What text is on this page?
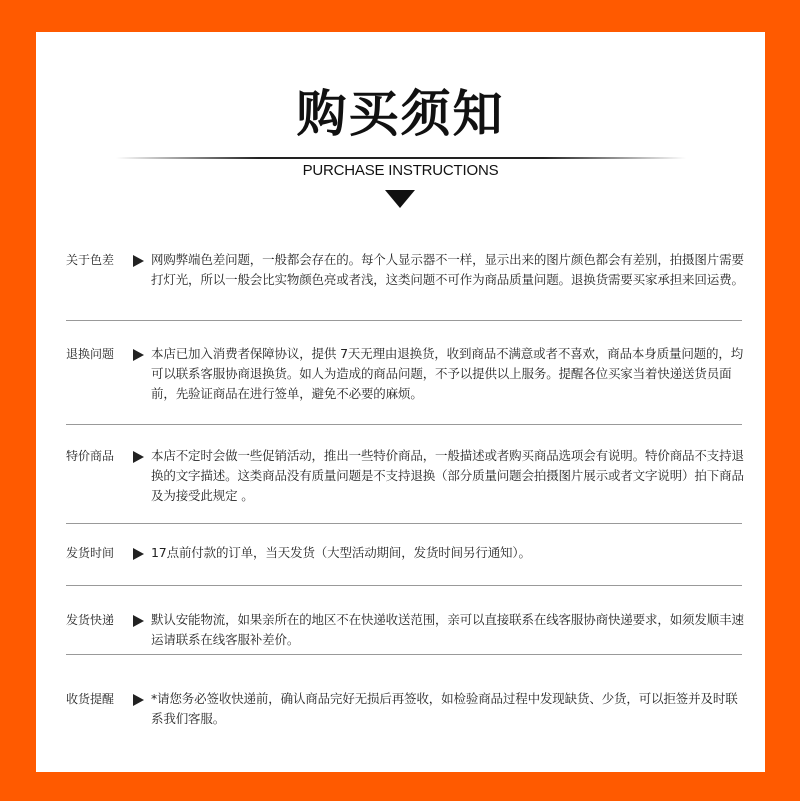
购买须知
PURCHASE INSTRUCTIONS
关于色差	网购弊端色差问题，一般都会存在的。每个人显示器不一样，显示出来的图片颜色都会有差别，拍摄图片需要打灯光，所以一般会比实物颜色亮或者浅，这类问题不可作为商品质量问题。退换货需要买家承担来回运费。
退换问题	本店已加入消费者保障协议，提供 7天无理由退换货，收到商品不满意或者不喜欢，商品本身质量问题的，均可以联系客服协商退换货。如人为造成的商品问题，不予以提供以上服务。提醒各位买家当着快递送货员面前，先验证商品在进行签单，避免不必要的麻烦。
特价商品	本店不定时会做一些促销活动，推出一些特价商品，一般描述或者购买商品选项会有说明。特价商品不支持退换的文字描述。这类商品没有质量问题是不支持退换（部分质量问题会拍摄图片展示或者文字说明）拍下商品及为接受此规定 。
发货时间	17点前付款的订单，当天发货（大型活动期间，发货时间另行通知）。
发货快递	默认安能物流，如果亲所在的地区不在快递收送范围，亲可以直接联系在线客服协商快递要求，如须发顺丰速运请联系在线客服补差价。
收货提醒	*请您务必签收快递前，确认商品完好无损后再签收，如检验商品过程中发现缺货、少货，可以拒签并及时联系我们客服。
